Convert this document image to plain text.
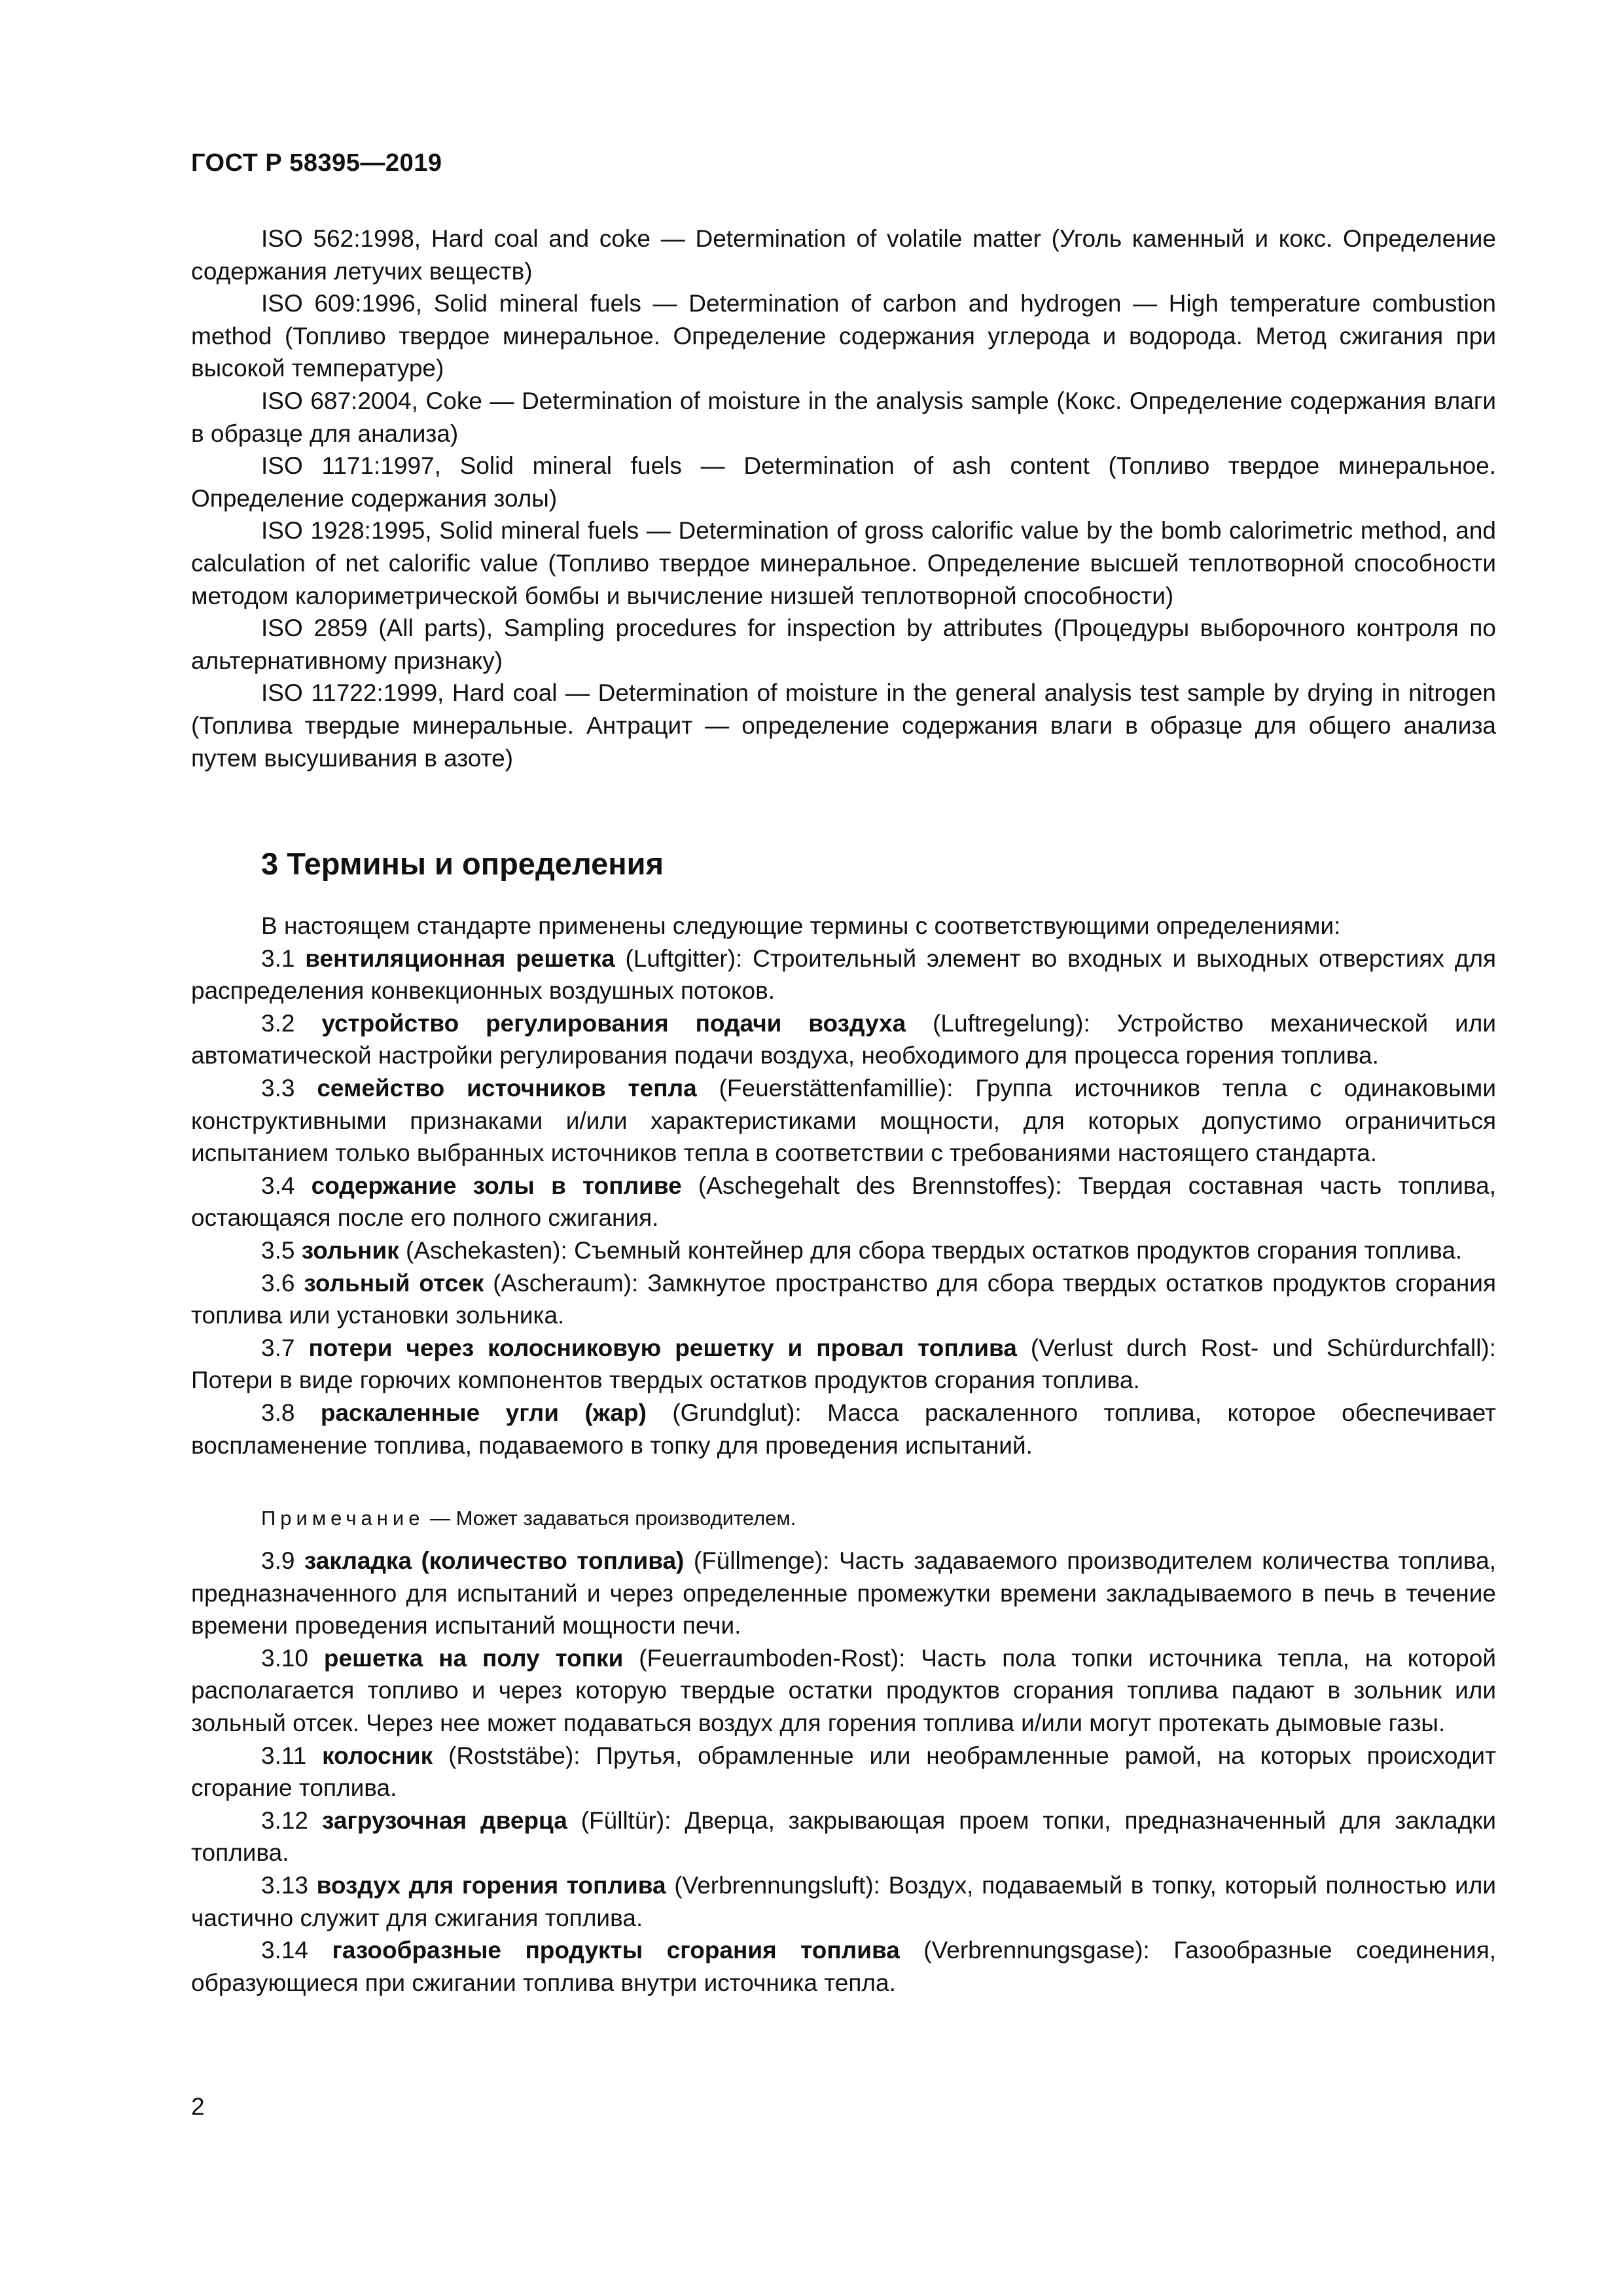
ГОСТ Р 58395—2019

ISO 562:1998, Hard coal and coke — Determination of volatile matter (Уголь каменный и кокс. Определение содержания летучих веществ)

ISO 609:1996, Solid mineral fuels — Determination of carbon and hydrogen — High temperature combustion method (Топливо твердое минеральное. Определение содержания углерода и водорода. Метод сжигания при высокой температуре)

ISO 687:2004, Coke — Determination of moisture in the analysis sample (Кокс. Определение содержания влаги в образце для анализа)

ISO 1171:1997, Solid mineral fuels — Determination of ash content (Топливо твердое минеральное. Определение содержания золы)

ISO 1928:1995, Solid mineral fuels — Determination of gross calorific value by the bomb calorimetric method, and calculation of net calorific value (Топливо твердое минеральное. Определение высшей теплотворной способности методом калориметрической бомбы и вычисление низшей теплотворной способности)

ISO 2859 (All parts), Sampling procedures for inspection by attributes (Процедуры выборочного контроля по альтернативному признаку)

ISO 11722:1999, Hard coal — Determination of moisture in the general analysis test sample by drying in nitrogen (Топлива твердые минеральные. Антрацит — определение содержания влаги в образце для общего анализа путем высушивания в азоте)

3 Термины и определения

В настоящем стандарте применены следующие термины с соответствующими определениями:

3.1 вентиляционная решетка (Luftgitter): Строительный элемент во входных и выходных отверстиях для распределения конвекционных воздушных потоков.

3.2 устройство регулирования подачи воздуха (Luftregelung): Устройство механической или автоматической настройки регулирования подачи воздуха, необходимого для процесса горения топлива.

3.3 семейство источников тепла (Feuerstättenfamillie): Группа источников тепла с одинаковыми конструктивными признаками и/или характеристиками мощности, для которых допустимо ограничиться испытанием только выбранных источников тепла в соответствии с требованиями настоящего стандарта.

3.4 содержание золы в топливе (Aschegehalt des Brennstoffes): Твердая составная часть топлива, остающаяся после его полного сжигания.

3.5 зольник (Aschekasten): Съемный контейнер для сбора твердых остатков продуктов сгорания топлива.

3.6 зольный отсек (Ascheraum): Замкнутое пространство для сбора твердых остатков продуктов сгорания топлива или установки зольника.

3.7 потери через колосниковую решетку и провал топлива (Verlust durch Rost- und Schürdurchfall): Потери в виде горючих компонентов твердых остатков продуктов сгорания топлива.

3.8 раскаленные угли (жар) (Grundglut): Масса раскаленного топлива, которое обеспечивает воспламенение топлива, подаваемого в топку для проведения испытаний.

Примечание — Может задаваться производителем.

3.9 закладка (количество топлива) (Füllmenge): Часть задаваемого производителем количества топлива, предназначенного для испытаний и через определенные промежутки времени закладываемого в печь в течение времени проведения испытаний мощности печи.

3.10 решетка на полу топки (Feuerraumboden-Rost): Часть пола топки источника тепла, на которой располагается топливо и через которую твердые остатки продуктов сгорания топлива падают в зольник или зольный отсек. Через нее может подаваться воздух для горения топлива и/или могут протекать дымовые газы.

3.11 колосник (Roststäbe): Прутья, обрамленные или необрамленные рамой, на которых происходит сгорание топлива.

3.12 загрузочная дверца (Fülltür): Дверца, закрывающая проем топки, предназначенный для закладки топлива.

3.13 воздух для горения топлива (Verbrennungsluft): Воздух, подаваемый в топку, который полностью или частично служит для сжигания топлива.

3.14 газообразные продукты сгорания топлива (Verbrennungsgase): Газообразные соединения, образующиеся при сжигании топлива внутри источника тепла.

2
